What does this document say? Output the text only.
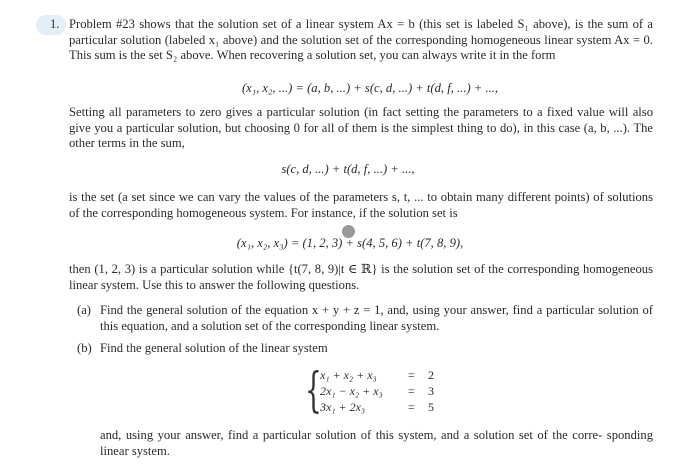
1. Problem #23 shows that the solution set of a linear system Ax = b (this set is labeled S₁ above), is the sum of a particular solution (labeled x₁ above) and the solution set of the corresponding homogeneous linear system Ax = 0. This sum is the set S₂ above. When recovering a solution set, you can always write it in the form

(x₁, x₂, ...) = (a, b, ...) + s(c, d, ...) + t(d, f, ...) + ...,

Setting all parameters to zero gives a particular solution (in fact setting the parameters to a fixed value will also give you a particular solution, but choosing 0 for all of them is the simplest thing to do), in this case (a, b, ...). The other terms in the sum,

s(c, d, ...) + t(d, f, ...) + ...,

is the set (a set since we can vary the values of the parameters s, t, ... to obtain many different points) of solutions of the corresponding homogeneous system. For instance, if the solution set is

(x₁, x₂, x₃) = (1, 2, 3) + s(4, 5, 6) + t(7, 8, 9),

then (1, 2, 3) is a particular solution while {t(7, 8, 9)|t ∈ ℝ} is the solution set of the corresponding homogeneous linear system. Use this to answer the following questions.

(a) Find the general solution of the equation x + y + z = 1, and, using your answer, find a particular solution of this equation, and a solution set of the corresponding linear system.

(b) Find the general solution of the linear system

{
x₁ + x₂ + x₃	= 2
2x₁ − x₂ + x₃ = 3
3x₁ + 2x₃	= 5

and, using your answer, find a particular solution of this system, and a solution set of the corre- sponding linear system.
